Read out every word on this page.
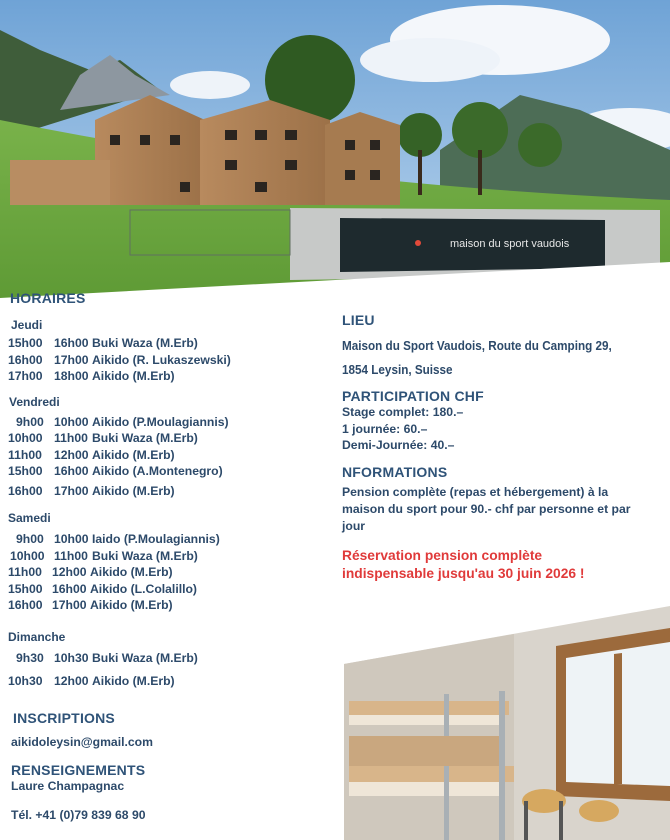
maison du sport vaudois
HORAIRES
Jeudi
15h00 16h00 Buki Waza (M.Erb)
16h00 17h00 Aikido (R. Lukaszewski)
17h00 18h00 Aikido (M.Erb)
Vendredi
9h00 10h00 Aikido (P.Moulagiannis)
10h00 11h00 Buki Waza (M.Erb)
11h00 12h00 Aikido (M.Erb)
15h00 16h00 Aikido (A.Montenegro)
16h00 17h00 Aikido (M.Erb)
Samedi
9h00 10h00 Iaido (P.Moulagiannis)
10h00 11h00 Buki Waza (M.Erb)
11h00 12h00 Aikido (M.Erb)
15h00 16h00 Aikido (L.Colalillo)
16h00 17h00 Aikido (M.Erb)
Dimanche
9h30 10h30 Buki Waza (M.Erb)
10h30 12h00 Aikido (M.Erb)
INSCRIPTIONS
aikidoleysin@gmail.com
RENSEIGNEMENTS
Laure Champagnac
Tél. +41 (0)79 839 68 90
LIEU
Maison du Sport Vaudois, Route du Camping 29,
1854 Leysin, Suisse
PARTICIPATION CHF
Stage complet: 180.–
1 journée: 60.–
Demi-Journée: 40.–
NFORMATIONS
Pension complète (repas et hébergement) à la maison du sport pour 90.- chf par personne et par jour
Réservation pension complète
indispensable jusqu'au 30 juin 2026 !
